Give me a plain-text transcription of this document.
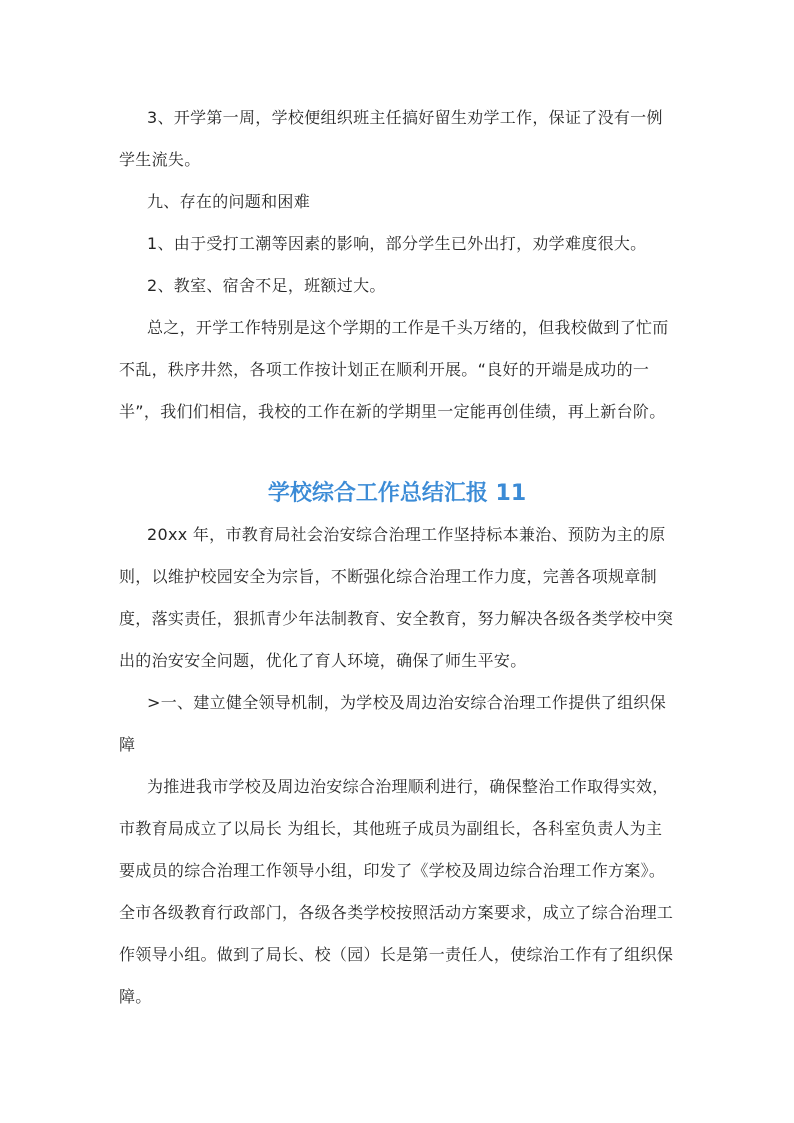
3、开学第一周，学校便组织班主任搞好留生劝学工作，保证了没有一例学生流失。

九、存在的问题和困难

1、由于受打工潮等因素的影响，部分学生已外出打，劝学难度很大。

2、教室、宿舍不足，班额过大。

总之，开学工作特别是这个学期的工作是千头万绪的，但我校做到了忙而不乱，秩序井然，各项工作按计划正在顺利开展。“良好的开端是成功的一半”，我们们相信，我校的工作在新的学期里一定能再创佳绩，再上新台阶。

学校综合工作总结汇报 11

20xx 年，市教育局社会治安综合治理工作坚持标本兼治、预防为主的原则，以维护校园安全为宗旨，不断强化综合治理工作力度，完善各项规章制度，落实责任，狠抓青少年法制教育、安全教育，努力解决各级各类学校中突出的治安安全问题，优化了育人环境，确保了师生平安。

>一、建立健全领导机制，为学校及周边治安综合治理工作提供了组织保障

为推进我市学校及周边治安综合治理顺利进行，确保整治工作取得实效，市教育局成立了以局长 为组长，其他班子成员为副组长，各科室负责人为主要成员的综合治理工作领导小组，印发了《学校及周边综合治理工作方案》。全市各级教育行政部门，各级各类学校按照活动方案要求，成立了综合治理工作领导小组。做到了局长、校（园）长是第一责任人，使综治工作有了组织保障。
